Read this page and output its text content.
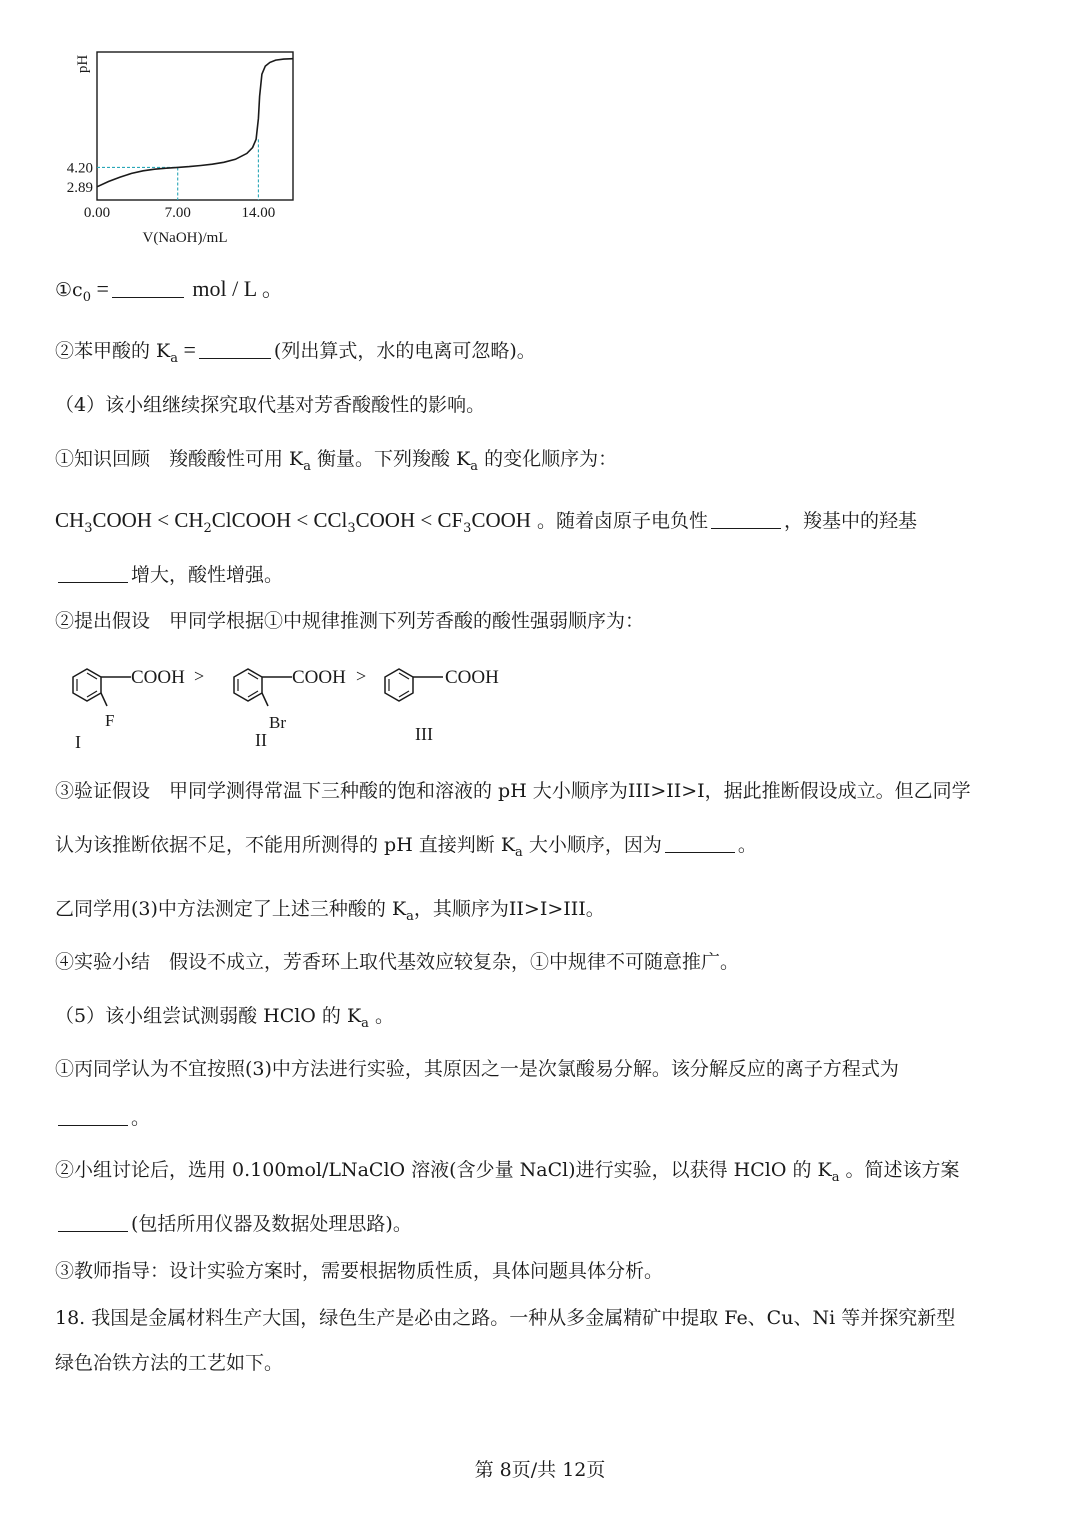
0.00	7.00	14.00
2.89
4.20
V(NaOH)/mL
pH
$①c_0$ =	mol / L 。
②苯甲酸的 $K_a$ =	(列出算式，水的电离可忽略)。
（4）该小组继续探究取代基对芳香酸酸性的影响。
①知识回顾　羧酸酸性可用 $K_a$ 衡量。下列羧酸 $K_a$ 的变化顺序为：
$CH_3COOH$ < $CH_2ClCOOH$ < CCl$_3$COOH < $CF_3COOH$ 。随着卤原子电负性	，羧基中的羟基
增大，酸性增强。
②提出假设　甲同学根据①中规律推测下列芳香酸的酸性强弱顺序为：
COOH
F
I
>	COOH
Br
II
>	COOH
III
③验证假设　甲同学测得常温下三种酸的饱和溶液的 pH 大小顺序为III>II>I，据此推断假设成立。但乙同学
认为该推断依据不足，不能用所测得的 pH 直接判断 $K_a$ 大小顺序，因为	。
乙同学用(3)中方法测定了上述三种酸的 $K_a$，其顺序为II>I>III。
④实验小结　假设不成立，芳香环上取代基效应较复杂，①中规律不可随意推广。
（5）该小组尝试测弱酸 HClO 的 $K_a$ 。
①丙同学认为不宜按照(3)中方法进行实验，其原因之一是次氯酸易分解。该分解反应的离子方程式为
。
②小组讨论后，选用 0.100mol/LNaClO 溶液(含少量 NaCl)进行实验，以获得 HClO 的 $K_a$ 。简述该方案
(包括所用仪器及数据处理思路)。
③教师指导：设计实验方案时，需要根据物质性质，具体问题具体分析。
18. 我国是金属材料生产大国，绿色生产是必由之路。一种从多金属精矿中提取 Fe、Cu、Ni 等并探究新型
绿色冶铁方法的工艺如下。
第 8页/共 12页
